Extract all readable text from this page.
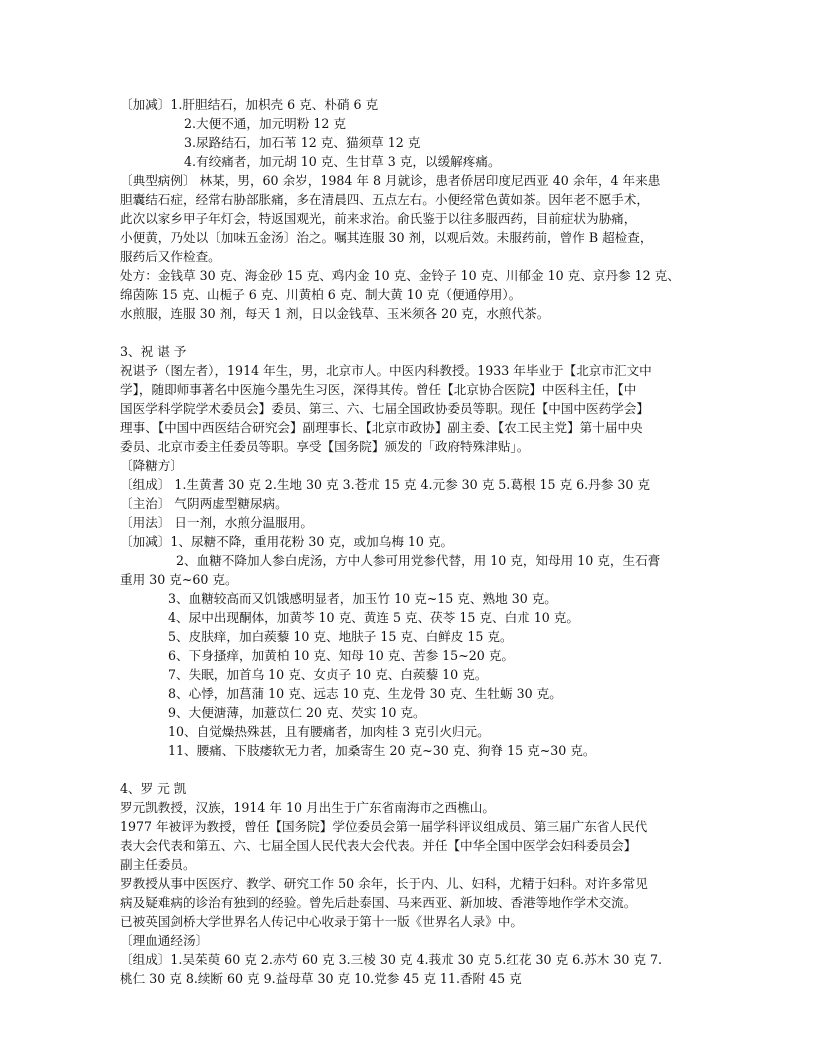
〔加减〕1.肝胆结石，加枳壳 6 克、朴硝 6 克
2.大便不通，加元明粉 12 克
3.尿路结石，加石苇 12 克、猫须草 12 克
4.有绞痛者，加元胡 10 克、生甘草 3 克，以缓解疼痛。
〔典型病例〕 林某，男，60 余岁，1984 年 8 月就诊，患者侨居印度尼西亚 40 余年，4 年来患
胆囊结石症，经常右胁部胀痛，多在清晨四、五点左右。小便经常色黄如茶。因年老不愿手术，
此次以家乡甲子年灯会，特返国观光，前来求治。俞氏鉴于以往多服西药，目前症状为胁痛，
小便黄，乃处以〔加味五金汤〕治之。嘱其连服 30 剂，以观后效。未服药前，曾作 B 超检查，
服药后又作检查。
处方：金钱草 30 克、海金砂 15 克、鸡内金 10 克、金铃子 10 克、川郁金 10 克、京丹参 12 克、
绵茵陈 15 克、山栀子 6 克、川黄柏 6 克、制大黄 10 克（便通停用）。
水煎服，连服 30 剂，每天 1 剂，日以金钱草、玉米须各 20 克，水煎代茶。
3、祝 谌 予
祝谌予（图左者），1914 年生，男，北京市人。中医内科教授。1933 年毕业于【北京市汇文中
学】，随即师事著名中医施今墨先生习医，深得其传。曾任【北京协合医院】中医科主任，【中
国医学科学院学术委员会】委员、第三、六、七届全国政协委员等职。现任【中国中医药学会】
理事、【中国中西医结合研究会】副理事长、【北京市政协】副主委、【农工民主党】第十届中央
委员、北京市委主任委员等职。享受【国务院】颁发的「政府特殊津贴」。
〔降糖方〕
〔组成〕 1.生黄耆 30 克 2.生地 30 克 3.苍朮 15 克 4.元参 30 克 5.葛根 15 克 6.丹参 30 克
〔主治〕 气阴两虚型糖尿病。
〔用法〕 日一剂，水煎分温服用。
〔加减〕1、尿糖不降，重用花粉 30 克，或加乌梅 10 克。
2、血糖不降加人参白虎汤，方中人参可用党参代替，用 10 克，知母用 10 克，生石膏
重用 30 克~60 克。
3、血糖较高而又饥饿感明显者，加玉竹 10 克~15 克、熟地 30 克。
4、尿中出现酮体，加黄芩 10 克、黄连 5 克、茯苓 15 克、白朮 10 克。
5、皮肤痒，加白蒺藜 10 克、地肤子 15 克、白鲜皮 15 克。
6、下身搔痒，加黄柏 10 克、知母 10 克、苦参 15~20 克。
7、失眠，加首乌 10 克、女贞子 10 克、白蒺藜 10 克。
8、心悸，加菖蒲 10 克、远志 10 克、生龙骨 30 克、生牡蛎 30 克。
9、大便溏薄，加薏苡仁 20 克、芡实 10 克。
10、自觉燥热殊甚，且有腰痛者，加肉桂 3 克引火归元。
11、腰痛、下肢痿软无力者，加桑寄生 20 克~30 克、狗脊 15 克~30 克。
4、罗 元 凯
罗元凯教授，汉族，1914 年 10 月出生于广东省南海市之西樵山。
1977 年被评为教授，曾任【国务院】学位委员会第一届学科评议组成员、第三届广东省人民代
表大会代表和第五、六、七届全国人民代表大会代表。并任【中华全国中医学会妇科委员会】
副主任委员。
罗教授从事中医医疗、教学、研究工作 50 余年，长于内、儿、妇科，尤精于妇科。对许多常见
病及疑难病的诊治有独到的经验。曾先后赴泰国、马来西亚、新加坡、香港等地作学术交流。
已被英国剑桥大学世界名人传记中心收录于第十一版《世界名人录》中。
〔理血通经汤〕
〔组成〕1.吴茱萸 60 克 2.赤芍 60 克 3.三棱 30 克 4.莪朮 30 克 5.红花 30 克 6.苏木 30 克 7.
桃仁 30 克 8.续断 60 克 9.益母草 30 克 10.党参 45 克 11.香附 45 克
